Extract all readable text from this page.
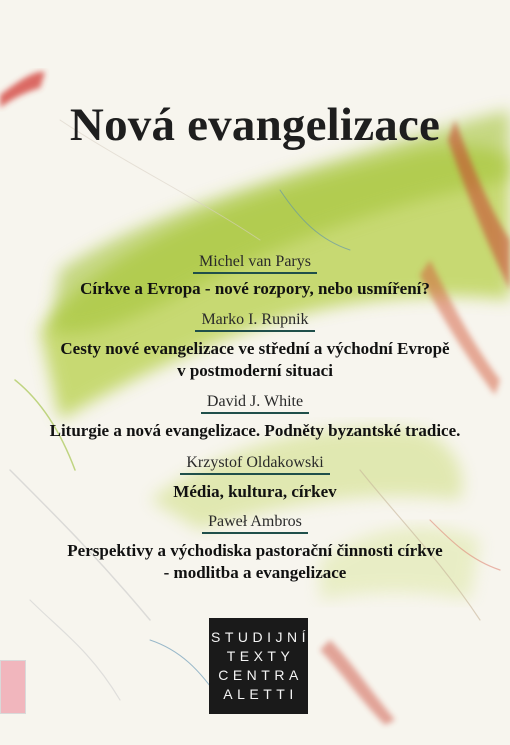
Nová evangelizace
Michel van Parys
Církve a Evropa - nové rozpory, nebo usmíření?
Marko I. Rupnik
Cesty nové evangelizace ve střední a východní Evropě
v postmoderní situaci
David J. White
Liturgie a nová evangelizace. Podněty byzantské tradice.
Krzystof Oldakowski
Média, kultura, církev
Paweł Ambros
Perspektivy a východiska pastorační činnosti církve
- modlitba a evangelizace
STUDIJNÍ
TEXTY
CENTRA
ALETTI
